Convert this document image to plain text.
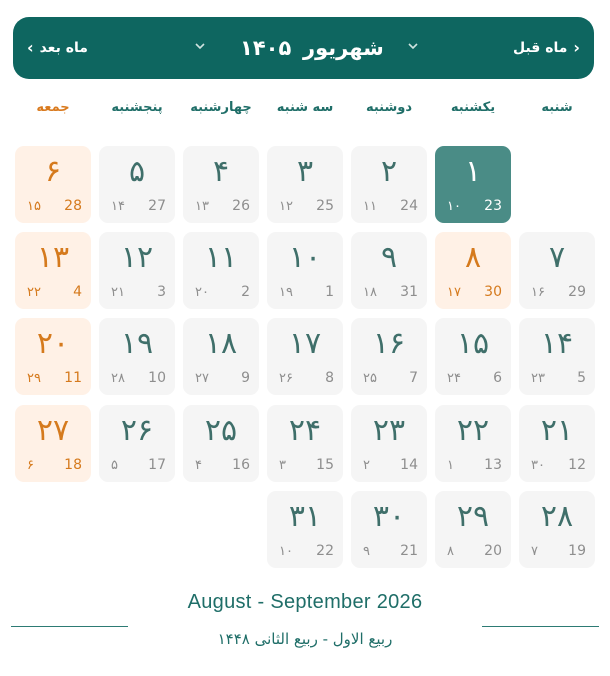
‹ ماه بعد	۱۴۰۵ شهریور	ماه قبل ›
شنبه
یکشنبه
دوشنبه
سه شنبه
چهارشنبه
پنجشنبه
جمعه
۱
23
۱۰
۲
24
۱۱
۳
25
۱۲
۴
26
۱۳
۵
27
۱۴
۶
28
۱۵
۷
29
۱۶
۸
30
۱۷
۹
31
۱۸
۱۰
1
۱۹
۱۱
2
۲۰
۱۲
3
۲۱
۱۳
4
۲۲
۱۴
5
۲۳
۱۵
6
۲۴
۱۶
7
۲۵
۱۷
8
۲۶
۱۸
9
۲۷
۱۹
10
۲۸
۲۰
11
۲۹
۲۱
12
۳۰
۲۲
13
۱
۲۳
14
۲
۲۴
15
۳
۲۵
16
۴
۲۶
17
۵
۲۷
18
۶
۲۸
19
۷
۲۹
20
۸
۳۰
21
۹
۳۱
22
۱۰
August - September 2026
ربیع الاول - ربیع الثانی ۱۴۴۸
